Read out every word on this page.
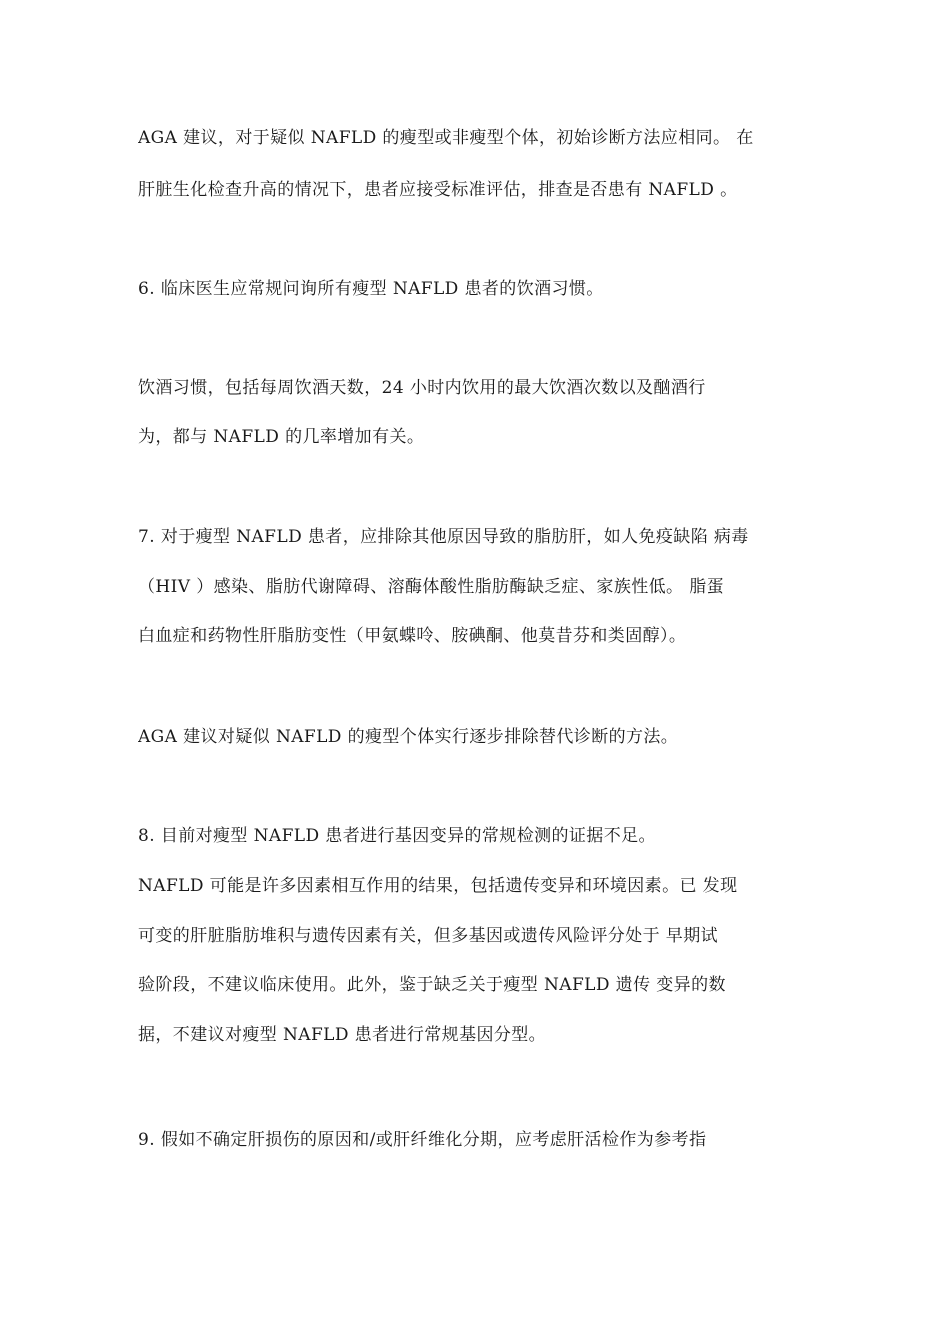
AGA 建议，对于疑似 NAFLD 的瘦型或非瘦型个体，初始诊断方法应相同。 在
肝脏生化检查升高的情况下，患者应接受标准评估，排查是否患有 NAFLD 。
6. 临床医生应常规问询所有瘦型 NAFLD 患者的饮酒习惯。
饮酒习惯，包括每周饮酒天数，24 小时内饮用的最大饮酒次数以及酗酒行
为，都与 NAFLD 的几率增加有关。
7. 对于瘦型 NAFLD 患者，应排除其他原因导致的脂肪肝，如人免疫缺陷 病毒
（HIV ）感染、脂肪代谢障碍、溶酶体酸性脂肪酶缺乏症、家族性低。 脂蛋
白血症和药物性肝脂肪变性（甲氨蝶呤、胺碘酮、他莫昔芬和类固醇）。
AGA 建议对疑似 NAFLD 的瘦型个体实行逐步排除替代诊断的方法。
8. 目前对瘦型 NAFLD 患者进行基因变异的常规检测的证据不足。
NAFLD 可能是许多因素相互作用的结果，包括遗传变异和环境因素。已 发现
可变的肝脏脂肪堆积与遗传因素有关，但多基因或遗传风险评分处于 早期试
验阶段，不建议临床使用。此外，鉴于缺乏关于瘦型 NAFLD 遗传 变异的数
据，不建议对瘦型 NAFLD 患者进行常规基因分型。
9. 假如不确定肝损伤的原因和/或肝纤维化分期，应考虑肝活检作为参考指
